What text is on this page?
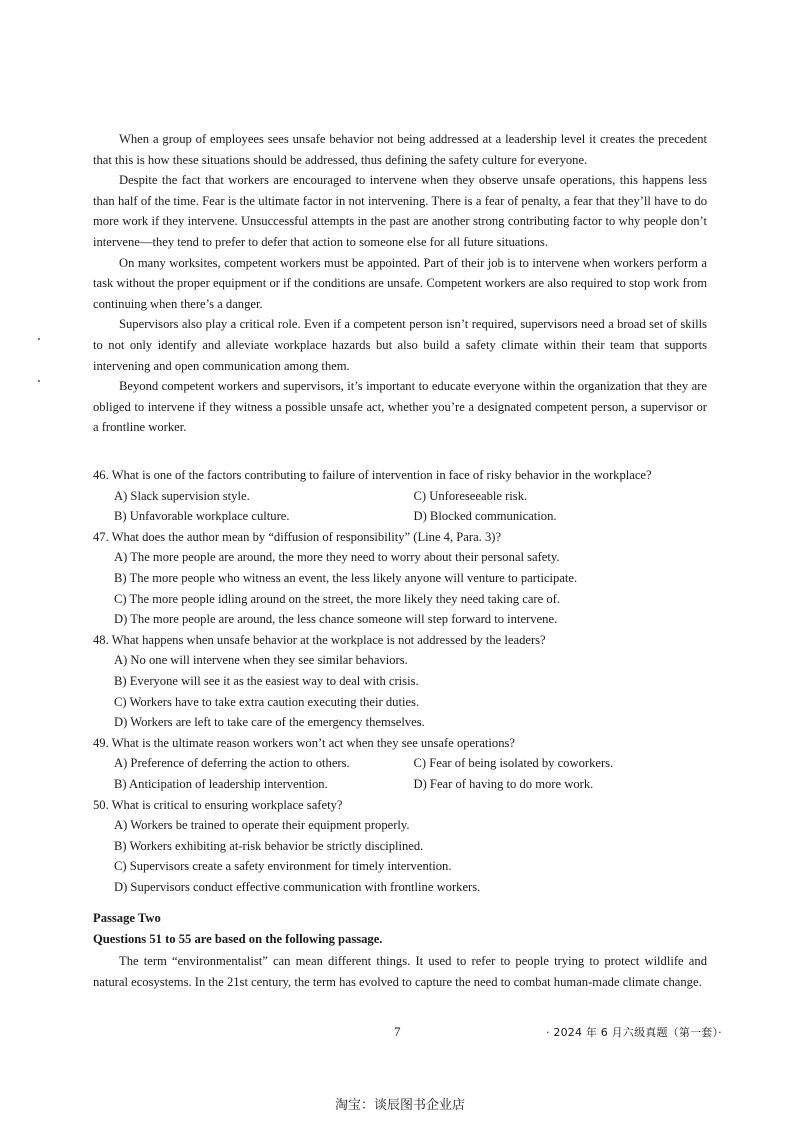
When a group of employees sees unsafe behavior not being addressed at a leadership level it creates the precedent that this is how these situations should be addressed, thus defining the safety culture for everyone.

Despite the fact that workers are encouraged to intervene when they observe unsafe operations, this happens less than half of the time. Fear is the ultimate factor in not intervening. There is a fear of penalty, a fear that they’ll have to do more work if they intervene. Unsuccessful attempts in the past are another strong contributing factor to why people don’t intervene—they tend to prefer to defer that action to someone else for all future situations.

On many worksites, competent workers must be appointed. Part of their job is to intervene when workers perform a task without the proper equipment or if the conditions are unsafe. Competent workers are also required to stop work from continuing when there’s a danger.

Supervisors also play a critical role. Even if a competent person isn’t required, supervisors need a broad set of skills to not only identify and alleviate workplace hazards but also build a safety climate within their team that supports intervening and open communication among them.

Beyond competent workers and supervisors, it’s important to educate everyone within the organization that they are obliged to intervene if they witness a possible unsafe act, whether you’re a designated competent person, a supervisor or a frontline worker.

46. What is one of the factors contributing to failure of intervention in face of risky behavior in the workplace?
A) Slack supervision style.	C) Unforeseeable risk.
B) Unfavorable workplace culture.	D) Blocked communication.
47. What does the author mean by “diffusion of responsibility” (Line 4, Para. 3)?
A) The more people are around, the more they need to worry about their personal safety.
B) The more people who witness an event, the less likely anyone will venture to participate.
C) The more people idling around on the street, the more likely they need taking care of.
D) The more people are around, the less chance someone will step forward to intervene.
48. What happens when unsafe behavior at the workplace is not addressed by the leaders?
A) No one will intervene when they see similar behaviors.
B) Everyone will see it as the easiest way to deal with crisis.
C) Workers have to take extra caution executing their duties.
D) Workers are left to take care of the emergency themselves.
49. What is the ultimate reason workers won’t act when they see unsafe operations?
A) Preference of deferring the action to others.	C) Fear of being isolated by coworkers.
B) Anticipation of leadership intervention.	D) Fear of having to do more work.
50. What is critical to ensuring workplace safety?
A) Workers be trained to operate their equipment properly.
B) Workers exhibiting at-risk behavior be strictly disciplined.
C) Supervisors create a safety environment for timely intervention.
D) Supervisors conduct effective communication with frontline workers.
Passage Two
Questions 51 to 55 are based on the following passage.

The term “environmentalist” can mean different things. It used to refer to people trying to protect wildlife and natural ecosystems. In the 21st century, the term has evolved to capture the need to combat human-made climate change.

7	· 2024 年 6 月六级真题（第一套）·
淘宝：谈辰图书企业店
